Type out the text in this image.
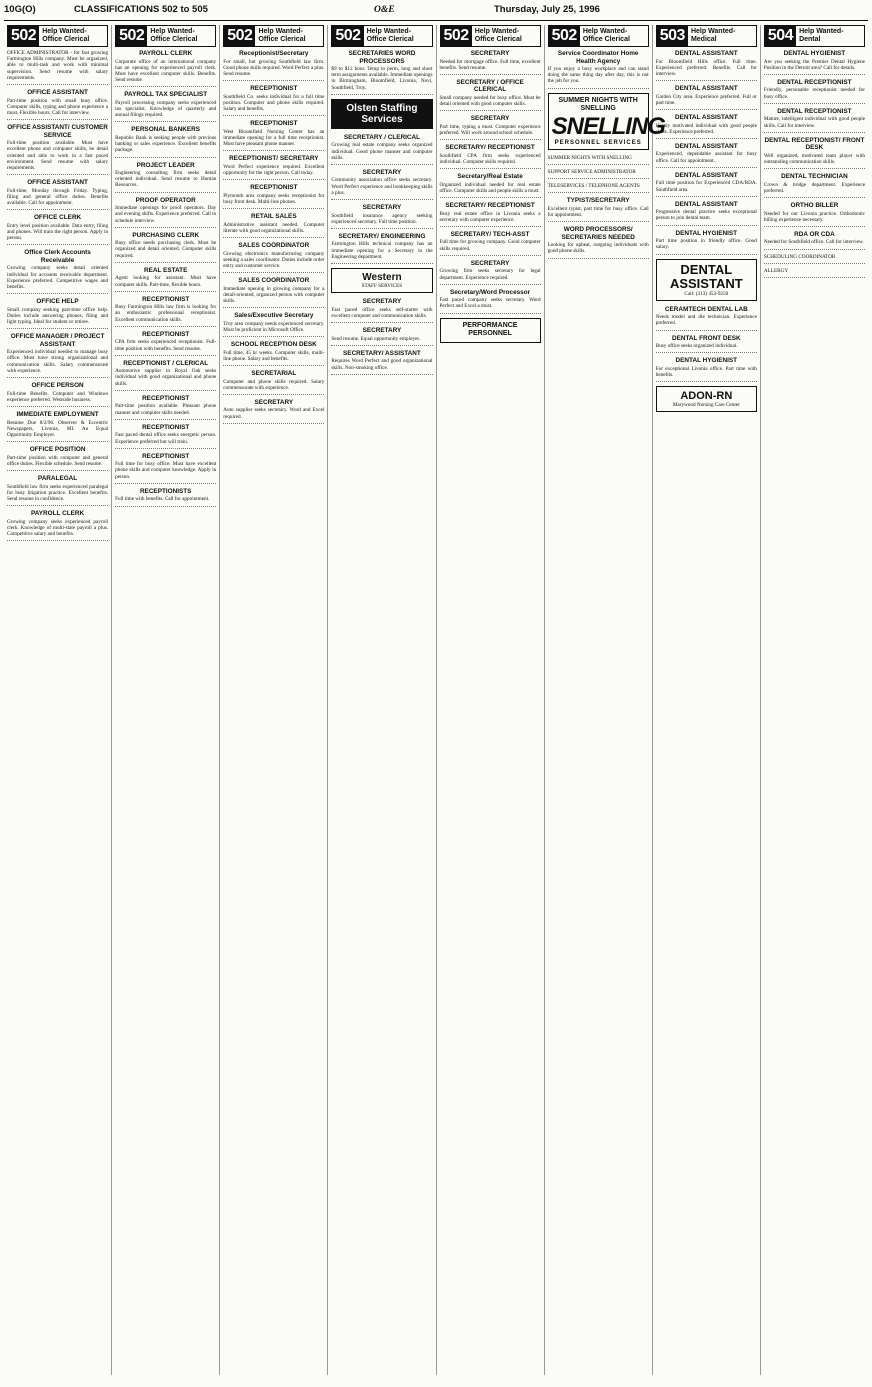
10G(O)	CLASSIFICATIONS 502 to 505	O&E	Thursday, July 25, 1996
502 Help Wanted- Office Clerical
OFFICE ADMINISTRATOR - for fast growing Farmington Hills company. Must be organized, able to multi-task and work with minimal supervision. Send resume with salary requirements.
OFFICE ASSISTANT
Part-time position with small busy office. Computer skills, typing and phone experience a must. Flexible hours. Call for interview.
OFFICE ASSISTANT/ CUSTOMER SERVICE
Full-time position available. Must have excellent phone and computer skills, be detail oriented and able to work in a fast paced environment. Send resume with salary requirements.
OFFICE ASSISTANT
Full-time, Monday through Friday. Typing, filing and general office duties. Benefits available. Call for appointment.
OFFICE CLERK
Entry level position available. Data entry, filing and phones. Will train the right person. Apply in person.
Office Clerk Accounts Receivable
Growing company seeks detail oriented individual for accounts receivable department. Experience preferred. Competitive wages and benefits.
OFFICE HELP
Small company seeking part-time office help. Duties include answering phones, filing and light typing. Ideal for student or retiree.
OFFICE MANAGER / PROJECT ASSISTANT
Experienced individual needed to manage busy office. Must have strong organizational and communication skills. Salary commensurate with experience.
OFFICE PERSON
Full-time Benefits. Computer and Windows experience preferred. Westside business.
IMMEDIATE EMPLOYMENT
Resume Due 8/2/96. Observer & Eccentric Newspapers, Livonia, MI. An Equal Opportunity Employer.
OFFICE POSITION
Part-time position with computer and general office duties. Flexible schedule. Send resume.
PARALEGAL
Southfield law firm seeks experienced paralegal for busy litigation practice. Excellent benefits. Send resume in confidence.
PAYROLL CLERK
Growing company seeks experienced payroll clerk. Knowledge of multi-state payroll a plus. Competitive salary and benefits.
502 Help Wanted- Office Clerical
PAYROLL CLERK
Corporate office of an international company has an opening for experienced payroll clerk. Must have excellent computer skills. Benefits. Send resume.
PAYROLL TAX SPECIALIST
Payroll processing company seeks experienced tax specialist. Knowledge of quarterly and annual filings required.
PERSONAL BANKERS
Republic Bank is seeking people with previous banking or sales experience. Excellent benefits package.
PROJECT LEADER
Engineering consulting firm seeks detail oriented individual. Send resume to Human Resources.
PROOF OPERATOR
Immediate openings for proof operators. Day and evening shifts. Experience preferred. Call to schedule interview.
PURCHASING CLERK
Busy office needs purchasing clerk. Must be organized and detail oriented. Computer skills required.
REAL ESTATE
Agent looking for assistant. Must have computer skills. Part-time, flexible hours.
RECEPTIONIST
Busy Farmington Hills law firm is looking for an enthusiastic professional receptionist. Excellent communication skills.
RECEPTIONIST
CPA firm seeks experienced receptionist. Full-time position with benefits. Send resume.
RECEPTIONIST / CLERICAL
Automotive supplier in Royal Oak seeks individual with good organizational and phone skills.
RECEPTIONIST
Part-time position available. Pleasant phone manner and computer skills needed.
RECEPTIONIST
Fast paced dental office seeks energetic person. Experience preferred but will train.
RECEPTIONIST
Full time for busy office. Must have excellent phone skills and computer knowledge. Apply in person.
RECEPTIONISTS
Full time with benefits. Call for appointment.
502 Help Wanted- Office Clerical
Receptionist/Secretary
For small, but growing Southfield law firm. Good phone skills required. Word Perfect a plus. Send resume.
RECEPTIONIST
Southfield Co. seeks individual for a full time position. Computer and phone skills required. Salary and benefits.
RECEPTIONIST
West Bloomfield Nursing Center has an immediate opening for a full time receptionist. Must have pleasant phone manner.
RECEPTIONIST/ SECRETARY
Word Perfect experience required. Excellent opportunity for the right person. Call today.
RECEPTIONIST
Plymouth area company seeks receptionist for busy front desk. Multi-line phones.
RETAIL SALES
Administrative assistant needed. Computer literate with good organizational skills.
SALES COORDINATOR
Growing electronics manufacturing company seeking a sales coordinator. Duties include order entry and customer service.
SALES COORDINATOR
Immediate opening in growing company for a detail-oriented, organized person with computer skills.
Sales/Executive Secretary
Troy area company needs experienced secretary. Must be proficient in Microsoft Office.
SCHOOL RECEPTION DESK
Full time, 45 hr weeks. Computer skills, multi-line phone. Salary and benefits.
SECRETARIAL
Computer and phone skills required. Salary commensurate with experience.
SECRETARY
Auto supplier seeks secretary. Word and Excel required.
502 Help Wanted- Office Clerical
SECRETARIES WORD PROCESSORS
$9 to $12 hour. Temp to perm, long and short term assignments available. Immediate openings in Birmingham, Bloomfield, Livonia, Novi, Southfield, Troy.
Olsten Staffing Services
SECRETARY / CLERICAL
Growing real estate company seeks organized individual. Good phone manner and computer skills.
SECRETARY
Community association office seeks secretary. Word Perfect experience and bookkeeping skills a plus.
SECRETARY
Southfield insurance agency seeking experienced secretary. Full time position.
SECRETARY/ ENGINEERING
Farmington Hills technical company has an immediate opening for a Secretary in the Engineering department.
Western
STAFF SERVICES
SECRETARY
Fast paced office seeks self-starter with excellent computer and communication skills.
SECRETARY
Send resume. Equal opportunity employer.
SECRETARY/ ASSISTANT
Requires Word Perfect and good organizational skills. Non-smoking office.
502 Help Wanted- Office Clerical
SECRETARY
Needed for mortgage office. Full time, excellent benefits. Send resume.
SECRETARY / OFFICE CLERICAL
Small company needed for busy office. Must be detail oriented with good computer skills.
SECRETARY
Part time, typing a must. Computer experience preferred. Will work around school schedule.
SECRETARY/ RECEPTIONIST
Southfield CPA firm seeks experienced individual. Computer skills required.
Secretary/Real Estate
Organized individual needed for real estate office. Computer skills and people skills a must.
SECRETARY/ RECEPTIONIST
Busy real estate office in Livonia seeks a secretary with computer experience.
SECRETARY/ TECH-ASST
Full time for growing company. Good computer skills required.
SECRETARY
Growing firm seeks secretary for legal department. Experience required.
Secretary/Word Processor
Fast paced company seeks secretary. Word Perfect and Excel a must.
PERFORMANCE PERSONNEL
502 Help Wanted- Office Clerical
Service Coordinator Home Health Agency
If you enjoy a busy workplace and can stand doing the same thing day after day, this is not the job for you.
SUMMER NIGHTS WITH SNELLING
SNELLING
PERSONNEL SERVICES
SUMMER NIGHTS WITH SNELLING
SUPPORT SERVICE ADMINISTRATOR
TELESERVICES / TELEPHONE AGENTS
TYPIST/SECRETARY
Excellent typist, part time for busy office. Call for appointment.
WORD PROCESSORS/ SECRETARIES NEEDED
Looking for upbeat, outgoing individuals with good phone skills.
503 Help Wanted- Medical
DENTAL ASSISTANT
For Bloomfield Hills office. Full time. Experienced preferred. Benefits. Call for interview.
DENTAL ASSISTANT
Garden City area. Experience preferred. Full or part time.
DENTAL ASSISTANT
Highly motivated individual with good people skills. Experience preferred.
DENTAL ASSISTANT
Experienced, dependable assistant for busy office. Call for appointment.
DENTAL ASSISTANT
Full time position for Experienced CDA/RDA. Southfield area.
DENTAL ASSISTANT
Progressive dental practice seeks exceptional person to join dental team.
DENTAL HYGIENIST
Part time position in friendly office. Good salary.
DENTAL ASSISTANT
Call: (313) 453-9250
CERAMTECH DENTAL LAB
Needs model and die technician. Experience preferred.
DENTAL FRONT DESK
Busy office seeks organized individual.
DENTAL HYGIENIST
For exceptional Livonia office. Part time with benefits.
ADON-RN
Marywood Nursing Care Center
504 Help Wanted- Dental
DENTAL HYGIENIST
Are you seeking the Premier Dental Hygiene Position in the Detroit area? Call for details.
DENTAL RECEPTIONIST
Friendly, personable receptionist needed for busy office.
DENTAL RECEPTIONIST
Mature, intelligent individual with good people skills. Call for interview.
DENTAL RECEPTIONIST/ FRONT DESK
Well organized, motivated team player with outstanding communication skills.
DENTAL TECHNICIAN
Crown & bridge department. Experience preferred.
ORTHO BILLER
Needed for our Livonia practice. Orthodontic billing experience necessary.
RDA OR CDA
Needed for Southfield office. Call for interview.
SCHEDULING COORDINATOR
ALLERGY
